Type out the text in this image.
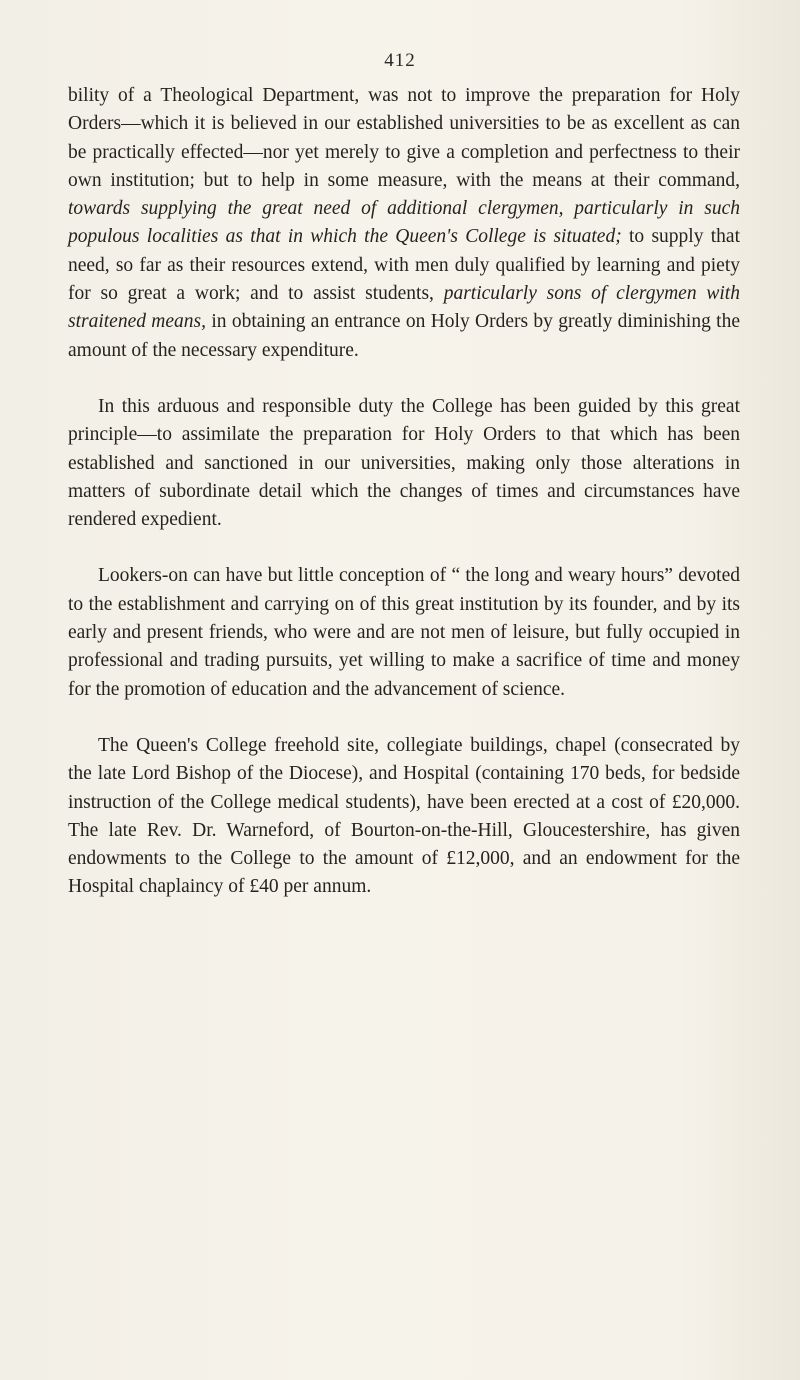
412

bility of a Theological Department, was not to improve the preparation for Holy Orders—which it is believed in our established universities to be as excellent as can be practically effected—nor yet merely to give a completion and perfectness to their own institution; but to help in some measure, with the means at their command, towards supplying the great need of additional clergymen, particularly in such populous localities as that in which the Queen's College is situated; to supply that need, so far as their resources extend, with men duly qualified by learning and piety for so great a work; and to assist students, particularly sons of clergymen with straitened means, in obtaining an entrance on Holy Orders by greatly diminishing the amount of the necessary expenditure.

In this arduous and responsible duty the College has been guided by this great principle—to assimilate the preparation for Holy Orders to that which has been established and sanctioned in our universities, making only those alterations in matters of subordinate detail which the changes of times and circumstances have rendered expedient.

Lookers-on can have but little conception of “ the long and weary hours” devoted to the establishment and carrying on of this great institution by its founder, and by its early and present friends, who were and are not men of leisure, but fully occupied in professional and trading pursuits, yet willing to make a sacrifice of time and money for the promotion of education and the advancement of science.

The Queen's College freehold site, collegiate buildings, chapel (consecrated by the late Lord Bishop of the Diocese), and Hospital (containing 170 beds, for bedside instruction of the College medical students), have been erected at a cost of £20,000. The late Rev. Dr. Warneford, of Bourton-on-the-Hill, Gloucestershire, has given endowments to the College to the amount of £12,000, and an endowment for the Hospital chaplaincy of £40 per annum.
